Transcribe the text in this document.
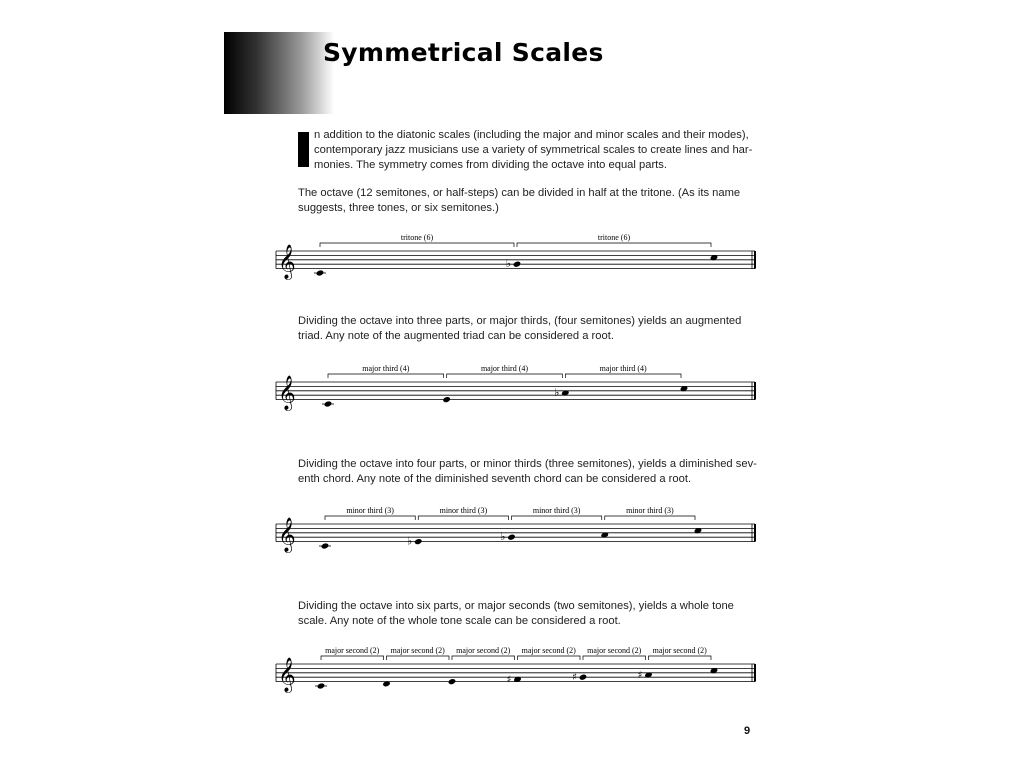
Symmetrical Scales
n addition to the diatonic scales (including the major and minor scales and their modes),
contemporary jazz musicians use a variety of symmetrical scales to create lines and har-
monies. The symmetry comes from dividing the octave into equal parts.
The octave (12 semitones, or half-steps) can be divided in half at the tritone. (As its name
suggests, three tones, or six semitones.)
Dividing the octave into three parts, or major thirds, (four semitones) yields an augmented
triad. Any note of the augmented triad can be considered a root.
Dividing the octave into four parts, or minor thirds (three semitones), yields a diminished sev-
enth chord. Any note of the diminished seventh chord can be considered a root.
Dividing the octave into six parts, or major seconds (two semitones), yields a whole tone
scale. Any note of the whole tone scale can be considered a root.
𝄞
tritone (6)	tritone (6)
♭
𝄞
major third (4)	major third (4)	major third (4)
♭
𝄞
minor third (3)	minor third (3)	minor third (3)	minor third (3)
♭	♭
𝄞
major second (2) major second (2) major second (2) major second (2) major second (2) major second (2)
♯	♯	♯
9
